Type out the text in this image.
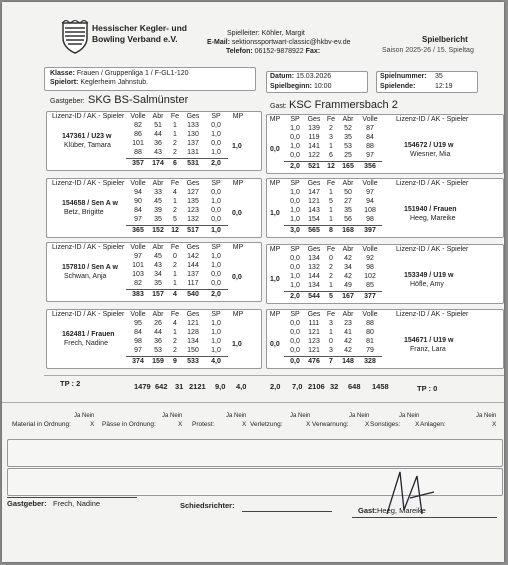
Hessischer Kegler- und
Bowling Verband e.V.
Spielleiter: Köhler, Margit
E-Mail: sektionssportwart-classic@hkbv-ev.de
Telefon: 06152-9878922 Fax:
Spielbericht
Saison 2025-26 / 15. Spieltag
Klasse: Frauen / Gruppenliga 1 / F-GL1-120
Spielort: Keglerheim Jahnstub.
Datum: 15.03.2026
Spielbeginn: 10:00
Spielnummer: 35
Spielende:	12:19
Gastgeber: SKG BS-Salmünster
Gast: KSC Frammersbach 2
TP : 2	1479 642 31 2121 9,0 4,0	2,0 7,0 2106 32 648 1458	TP : 0
Gastgeber: Frech, Nadine	Schiedsrichter:
Gast: Heeg, Mareike
Volle Abr	Fe	Ges	SP	MP
Lizenz-ID / AK - Spieler
147361 / U23 w
Klüber, Tamara
82	51	1	133	0,0
86	44	1	130	1,0
101	36	2	137	0,0
88	43	2	131	1,0
357	174	6	531	2,0
1,0
Volle Abr	Fe	Ges	SP	MP
Lizenz-ID / AK - Spieler
154658 / Sen A w
Betz, Brigitte
94	33	4	127	0,0
90	45	1	135	1,0
84	39	2	123	0,0
97	35	5	132	0,0
365	152	12	517	1,0
0,0
Volle Abr	Fe	Ges	SP	MP
Lizenz-ID / AK - Spieler
157810 / Sen A w
Schwan, Anja
97	45	0	142	1,0
101	43	2	144	1,0
103	34	1	137	0,0
82	35	1	117	0,0
383	157	4	540	2,0
0,0
Volle Abr	Fe	Ges	SP	MP
Lizenz-ID / AK - Spieler
162481 / Frauen
Frech, Nadine
95	26	4	121	1,0
84	44	1	128	1,0
98	36	2	134	1,0
97	53	2	150	1,0
374	159	9	533	4,0
1,0
MP	SP	Ges Fe	Abr	Volle	Lizenz-ID / AK - Spieler
154672 / U19 w
Wiesner, Mia
1,0	139	2	52	87
0,0	119	3	35	84
1,0	141	1	53	88
0,0	122	6	25	97
2,0	521	12	165	356
0,0
MP	SP	Ges Fe	Abr	Volle	Lizenz-ID / AK - Spieler
151940 / Frauen
Heeg, Mareike
1,0	147	1	50	97
0,0	121	5	27	94
1,0	143	1	35	108
1,0	154	1	56	98
3,0	565	8	168	397
1,0
MP	SP	Ges Fe	Abr	Volle	Lizenz-ID / AK - Spieler
153349 / U19 w
Höfle, Amy
0,0	134	0	42	92
0,0	132	2	34	98
1,0	144	2	42	102
1,0	134	1	49	85
2,0	544	5	167	377
1,0
MP	SP	Ges Fe	Abr	Volle	Lizenz-ID / AK - Spieler
154671 / U19 w
Franz, Lara
0,0	111	3	23	88
0,0	121	1	41	80
0,0	123	0	42	81
0,0	121	3	42	79
0,0	476	7	148	328
0,0
Ja Nein
Material in Ordnung:	X
Ja Nein
Pässe in Ordnung:	X
Ja Nein
Protest:	X
Ja Nein
Verletzung:	X
Ja Nein
Verwarnung:	X
Ja Nein
Sonstiges: X
Ja Nein
Anlagen:	X
